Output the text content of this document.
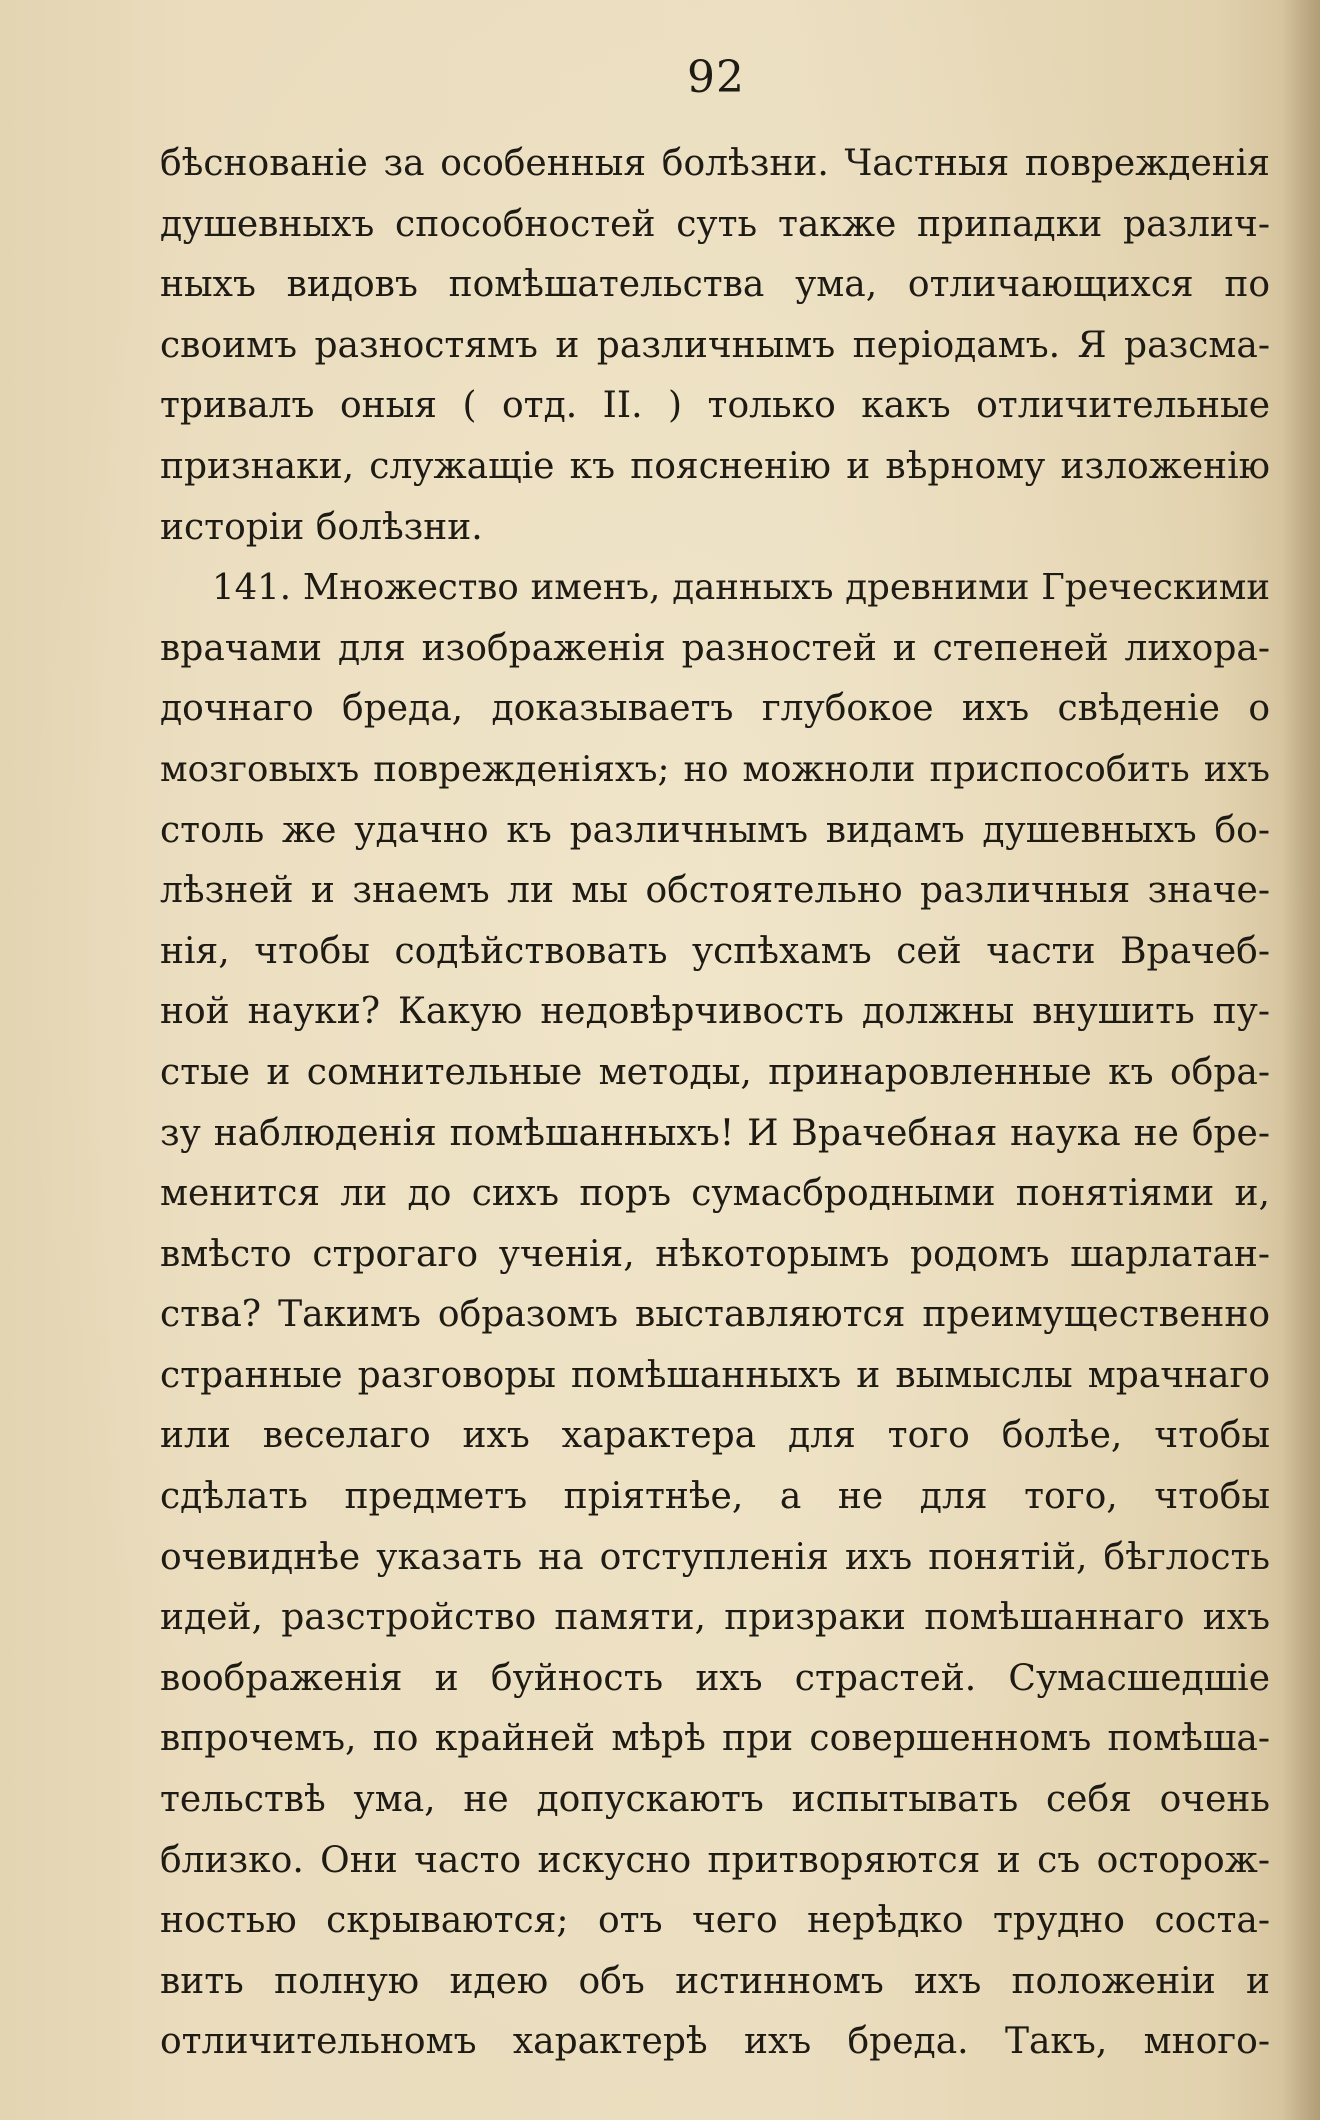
92
бѣснованіе за особенныя болѣзни. Частныя поврежденія
душевныхъ способностей суть также припадки различ-
ныхъ видовъ помѣшательства ума, отличающихся по
своимъ разностямъ и различнымъ періодамъ. Я разсма-
тривалъ оныя ( отд. II. ) только какъ отличительные
признаки, служащіе къ поясненію и вѣрному изложенію
исторіи болѣзни.
141. Множество именъ, данныхъ древними Греческими
врачами для изображенія разностей и степеней лихора-
дочнаго бреда, доказываетъ глубокое ихъ свѣденіе о
мозговыхъ поврежденіяхъ; но можноли приспособить ихъ
столь же удачно къ различнымъ видамъ душевныхъ бо-
лѣзней и знаемъ ли мы обстоятельно различныя значе-
нія, чтобы содѣйствовать успѣхамъ сей части Врачеб-
ной науки? Какую недовѣрчивость должны внушить пу-
стые и сомнительные методы, принаровленные къ обра-
зу наблюденія помѣшанныхъ! И Врачебная наука не бре-
менится ли до сихъ поръ сумасбродными понятіями и,
вмѣсто строгаго ученія, нѣкоторымъ родомъ шарлатан-
ства? Такимъ образомъ выставляются преимущественно
странные разговоры помѣшанныхъ и вымыслы мрачнаго
или веселаго ихъ характера для того болѣе, чтобы
сдѣлать предметъ пріятнѣе, а не для того, чтобы
очевиднѣе указать на отступленія ихъ понятій, бѣглость
идей, разстройство памяти, призраки помѣшаннаго ихъ
воображенія и буйность ихъ страстей. Сумасшедшіе
впрочемъ, по крайней мѣрѣ при совершенномъ помѣша-
тельствѣ ума, не допускаютъ испытывать себя очень
близко. Они часто искусно притворяются и съ осторож-
ностью скрываются; отъ чего нерѣдко трудно соста-
вить полную идею объ истинномъ ихъ положеніи и
отличительномъ характерѣ ихъ бреда. Такъ, много-
